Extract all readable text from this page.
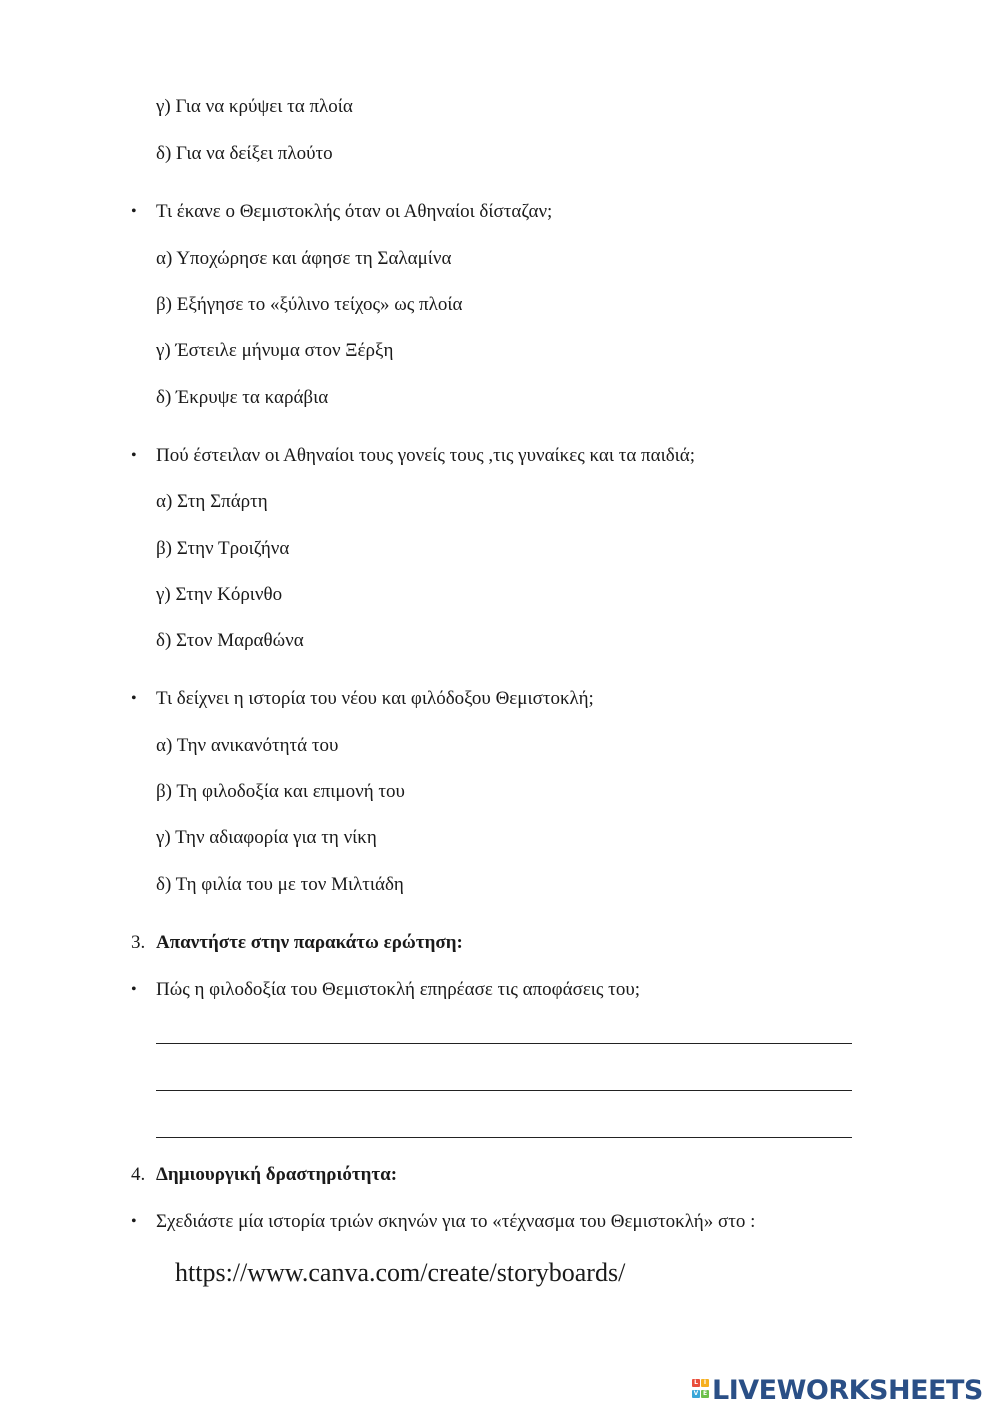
γ) Για να κρύψει τα πλοία
δ) Για να δείξει πλούτο
• Τι έκανε ο Θεμιστοκλής όταν οι Αθηναίοι δίσταζαν;
α) Υποχώρησε και άφησε τη Σαλαμίνα
β) Εξήγησε το «ξύλινο τείχος» ως πλοία
γ) Έστειλε μήνυμα στον Ξέρξη
δ) Έκρυψε τα καράβια
• Πού έστειλαν οι Αθηναίοι τους γονείς τους ,τις γυναίκες και τα παιδιά;
α) Στη Σπάρτη
β) Στην Τροιζήνα
γ) Στην Κόρινθο
δ) Στον Μαραθώνα
• Τι δείχνει η ιστορία του νέου και φιλόδοξου Θεμιστοκλή;
α) Την ανικανότητά του
β) Τη φιλοδοξία και επιμονή του
γ) Την αδιαφορία για τη νίκη
δ) Τη φιλία του με τον Μιλτιάδη
3. Απαντήστε στην παρακάτω ερώτηση:
• Πώς η φιλοδοξία του Θεμιστοκλή επηρέασε τις αποφάσεις του;
4. Δημιουργική δραστηριότητα:
• Σχεδιάστε μία ιστορία τριών σκηνών για το «τέχνασμα του Θεμιστοκλή» στο :
https://www.canva.com/create/storyboards/
L I
V E LIVEWORKSHEETS
